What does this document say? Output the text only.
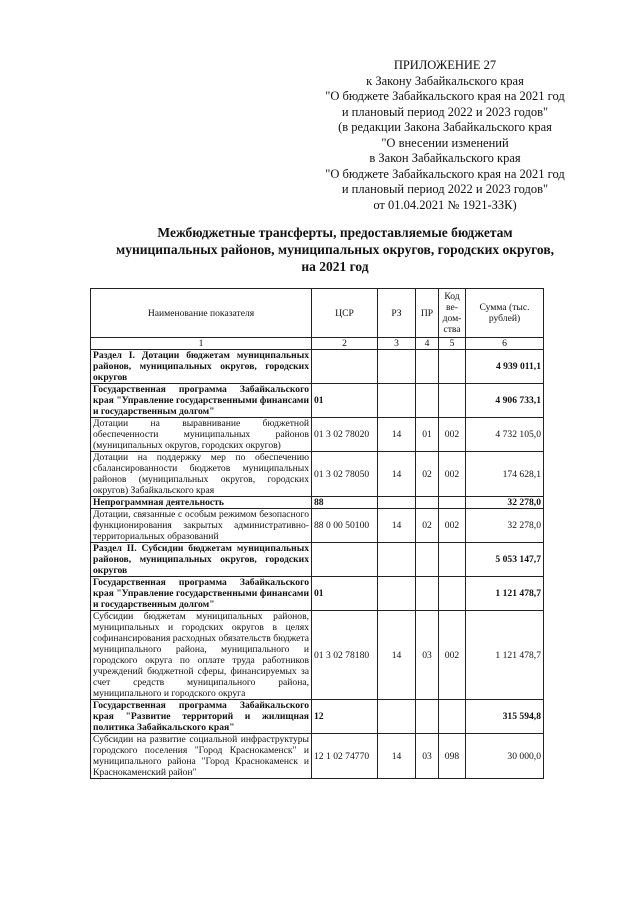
ПРИЛОЖЕНИЕ 27
к Закону Забайкальского края
"О бюджете Забайкальского края на 2021 год
и плановый период 2022 и 2023 годов"
(в редакции Закона Забайкальского края
"О внесении изменений
в Закон Забайкальского края
"О бюджете Забайкальского края на 2021 год
и плановый период 2022 и 2023 годов"
от 01.04.2021 № 1921-ЗЗК)
Межбюджетные трансферты, предоставляемые бюджетам
муниципальных районов, муниципальных округов, городских округов,
на 2021 год
Наименование показателя	ЦСР	РЗ	ПР	Код ве-дом-ства	Сумма (тыс. рублей)
1	2	3	4	5	6
Раздел I. Дотации бюджетам муниципальных районов, муниципальных округов, городских округов					4 939 011,1
Государственная программа Забайкальского края "Управление государственными финансами и государственным долгом"	01				4 906 733,1
Дотации на выравнивание бюджетной обеспеченности муниципальных районов (муниципальных округов, городских округов)	01 3 02 78020	14	01	002	4 732 105,0
Дотации на поддержку мер по обеспечению сбалансированности бюджетов муниципальных районов (муниципальных округов, городских округов) Забайкальского края	01 3 02 78050	14	02	002	174 628,1
Непрограммная деятельность	88				32 278,0
Дотации, связанные с особым режимом безопасного функционирования закрытых административно-территориальных образований	88 0 00 50100	14	02	002	32 278,0
Раздел II. Субсидии бюджетам муниципальных районов, муниципальных округов, городских округов					5 053 147,7
Государственная программа Забайкальского края "Управление государственными финансами и государственным долгом"	01				1 121 478,7
Субсидии бюджетам муниципальных районов, муниципальных и городских округов в целях софинансирования расходных обязательств бюджета муниципального района, муниципального и городского округа по оплате труда работников учреждений бюджетной сферы, финансируемых за счет средств муниципального района, муниципального и городского округа	01 3 02 78180	14	03	002	1 121 478,7
Государственная программа Забайкальского края "Развитие территорий и жилищная политика Забайкальского края"	12				315 594,8
Субсидии на развитие социальной инфраструктуры городского поселения "Город Краснокаменск" и муниципального района "Город Краснокаменск и Краснокаменский район"	12 1 02 74770	14	03	098	30 000,0
